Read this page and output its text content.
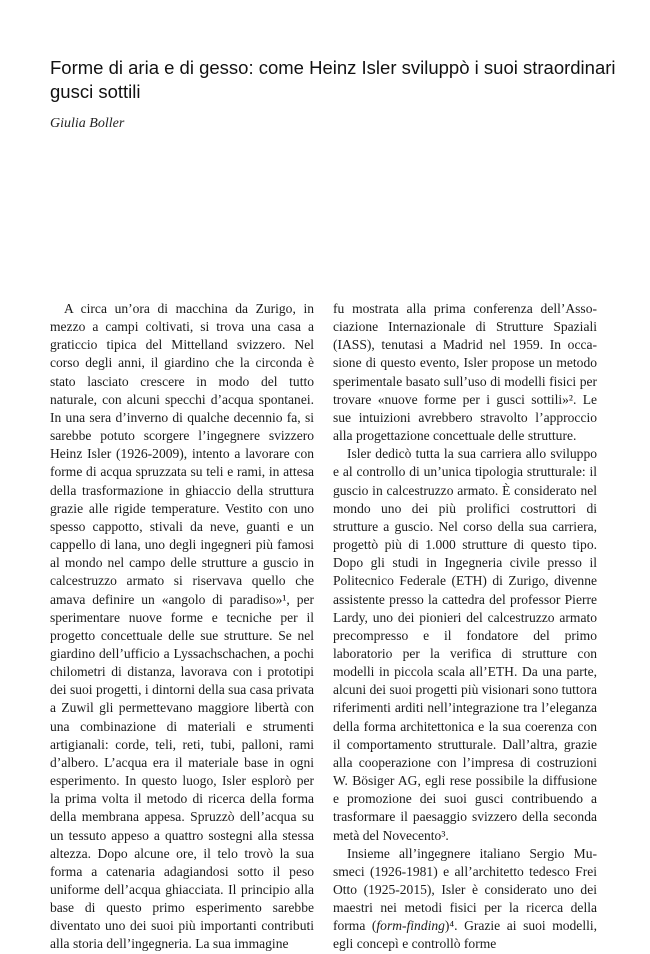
Forme di aria e di gesso: come Heinz Isler sviluppò i suoi straordinari gusci sottili

Giulia Boller

A circa un’ora di macchina da Zurigo, in mezzo a campi coltivati, si trova una casa a graticcio tipica del Mittelland svizzero. Nel corso degli anni, il giardino che la circonda è stato lasciato crescere in modo del tutto naturale, con alcuni specchi d’acqua spontanei. In una sera d’inverno di qualche decennio fa, si sarebbe potuto scorgere l’ingegnere svizzero Heinz Isler (1926-2009), intento a lavorare con forme di acqua spruzzata su teli e rami, in attesa della trasformazione in ghiaccio della struttura grazie alle rigide temperature. Vestito con uno spesso cappotto, stivali da neve, guanti e un cappello di lana, uno degli ingegneri più famosi al mondo nel campo delle strutture a guscio in calcestruzzo armato si riservava quello che amava definire un «angolo di paradiso»¹, per sperimentare nuove forme e tecniche per il progetto concettuale delle sue strutture. Se nel giardino dell’ufficio a Lyssachschachen, a pochi chilometri di distanza, lavorava con i prototipi dei suoi progetti, i dintorni della sua casa privata a Zuwil gli permettevano maggiore libertà con una combinazione di materiali e strumenti artigianali: corde, teli, reti, tubi, palloni, rami d’albero. L’acqua era il materiale base in ogni esperimento. In questo luogo, Isler esplorò per la prima volta il metodo di ricerca della forma della membrana appesa. Spruzzò dell’acqua su un tessuto appeso a quattro sostegni alla stessa altezza. Dopo alcune ore, il telo trovò la sua forma a catenaria adagiandosi sotto il peso uniforme dell’acqua ghiacciata. Il principio alla base di questo primo esperimento sarebbe diventato uno dei suoi più importanti contributi alla storia dell’ingegneria. La sua immagine

fu mostrata alla prima conferenza dell’Associazione Internazionale di Strutture Spaziali (IASS), tenutasi a Madrid nel 1959. In occasione di questo evento, Isler propose un metodo sperimentale basato sull’uso di modelli fisici per trovare «nuove forme per i gusci sottili»². Le sue intuizioni avrebbero stravolto l’approccio alla progettazione concettuale delle strutture.

Isler dedicò tutta la sua carriera allo sviluppo e al controllo di un’unica tipologia strutturale: il guscio in calcestruzzo armato. È considerato nel mondo uno dei più prolifici costruttori di strutture a guscio. Nel corso della sua carriera, progettò più di 1.000 strutture di questo tipo. Dopo gli studi in Ingegneria civile presso il Politecnico Federale (ETH) di Zurigo, divenne assistente presso la cattedra del professor Pierre Lardy, uno dei pionieri del calcestruzzo armato precompresso e il fondatore del primo laboratorio per la verifica di strutture con modelli in piccola scala all’ETH. Da una parte, alcuni dei suoi progetti più visionari sono tuttora riferimenti arditi nell’integrazione tra l’eleganza della forma architettonica e la sua coerenza con il comportamento strutturale. Dall’altra, grazie alla cooperazione con l’impresa di costruzioni W. Bösiger AG, egli rese possibile la diffusione e promozione dei suoi gusci contribuendo a trasformare il paesaggio svizzero della seconda metà del Novecento³.

Insieme all’ingegnere italiano Sergio Musmeci (1926-1981) e all’architetto tedesco Frei Otto (1925-2015), Isler è considerato uno dei maestri nei metodi fisici per la ricerca della forma (form-finding)⁴. Grazie ai suoi modelli, egli concepì e controllò forme
